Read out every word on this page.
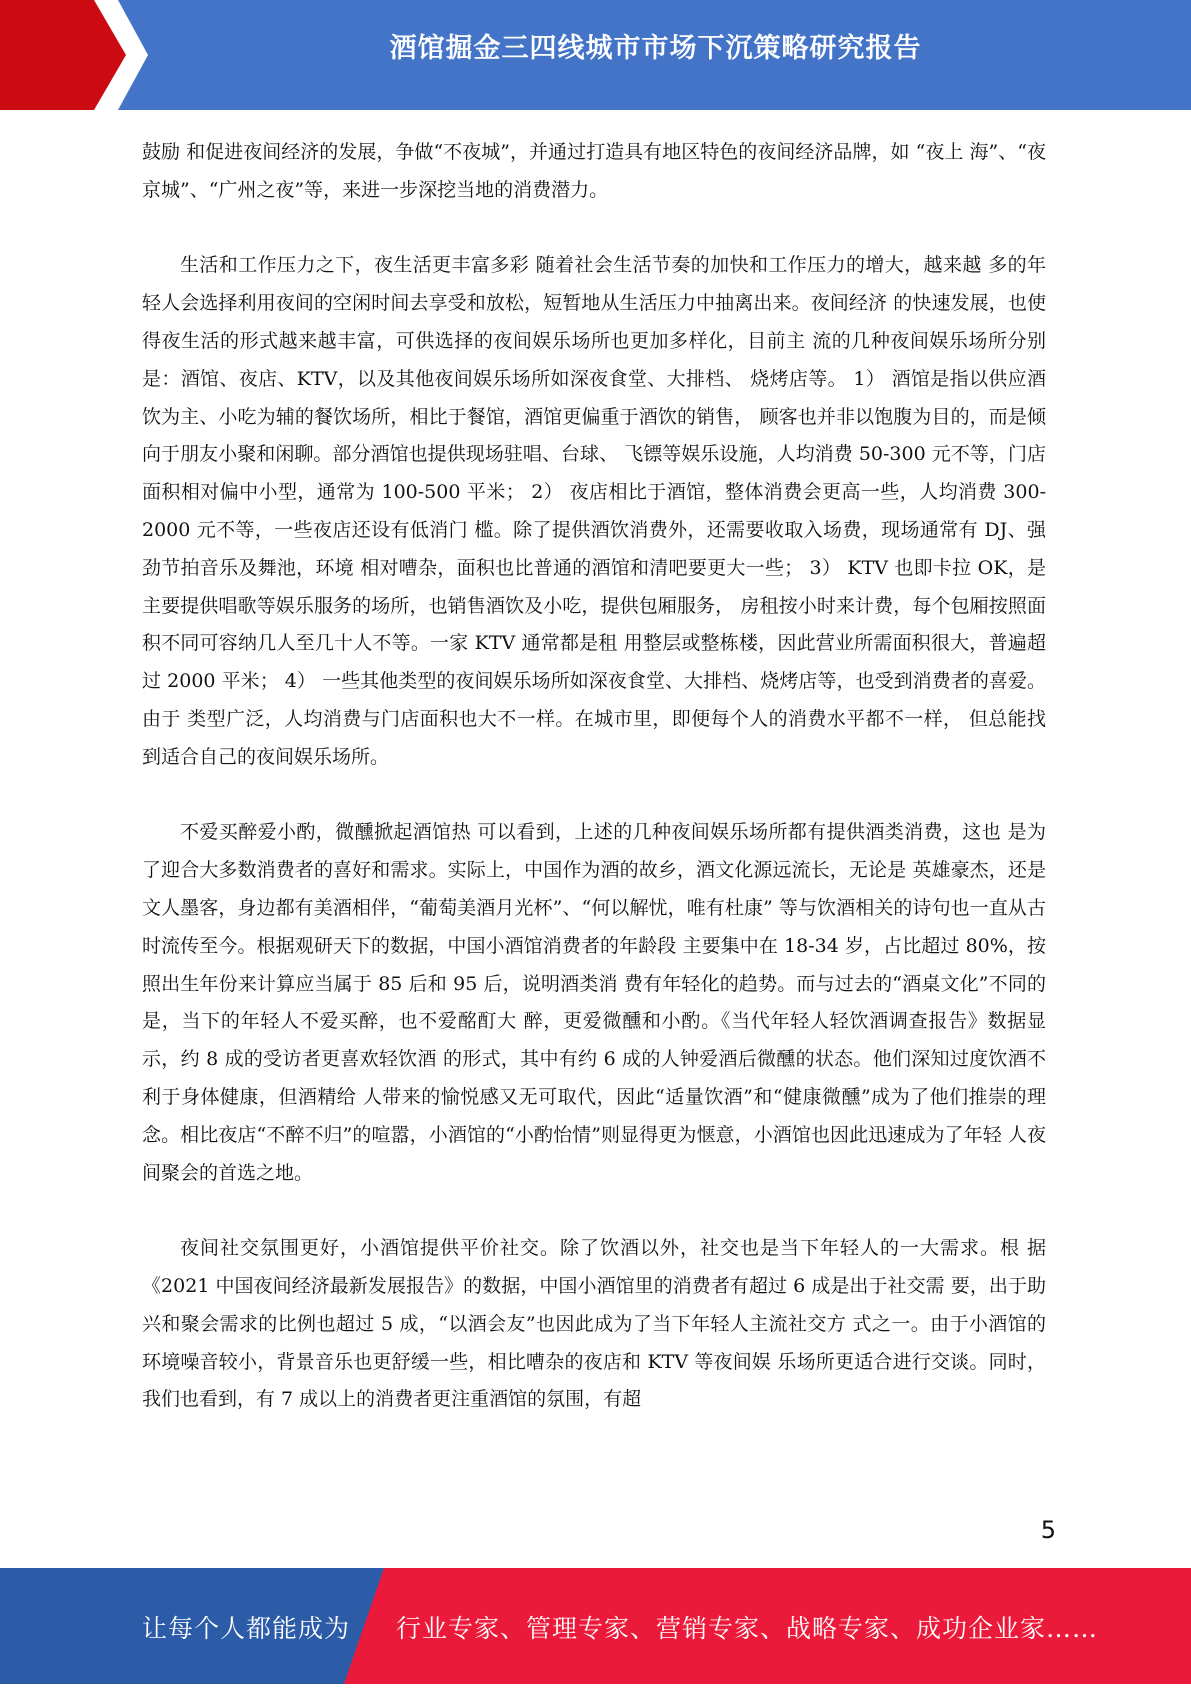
酒馆掘金三四线城市市场下沉策略研究报告

鼓励 和促进夜间经济的发展，争做“不夜城”，并通过打造具有地区特色的夜间经济品牌，如 “夜上 海”、“夜京城”、“广州之夜”等，来进一步深挖当地的消费潜力。

生活和工作压力之下，夜生活更丰富多彩 随着社会生活节奏的加快和工作压力的增大，越来越 多的年轻人会选择利用夜间的空闲时间去享受和放松，短暂地从生活压力中抽离出来。夜间经济 的快速发展，也使得夜生活的形式越来越丰富，可供选择的夜间娱乐场所也更加多样化，目前主 流的几种夜间娱乐场所分别是：酒馆、夜店、KTV，以及其他夜间娱乐场所如深夜食堂、大排档、 烧烤店等。 1） 酒馆是指以供应酒饮为主、小吃为辅的餐饮场所，相比于餐馆，酒馆更偏重于酒饮的销售， 顾客也并非以饱腹为目的，而是倾向于朋友小聚和闲聊。部分酒馆也提供现场驻唱、台球、 飞镖等娱乐设施，人均消费 50-300 元不等，门店面积相对偏中小型，通常为 100-500 平米； 2） 夜店相比于酒馆，整体消费会更高一些，人均消费 300-2000 元不等，一些夜店还设有低消门 槛。除了提供酒饮消费外，还需要收取入场费，现场通常有 DJ、强劲节拍音乐及舞池，环境 相对嘈杂，面积也比普通的酒馆和清吧要更大一些； 3） KTV 也即卡拉 OK，是主要提供唱歌等娱乐服务的场所，也销售酒饮及小吃，提供包厢服务， 房租按小时来计费，每个包厢按照面积不同可容纳几人至几十人不等。一家 KTV 通常都是租 用整层或整栋楼，因此营业所需面积很大，普遍超过 2000 平米； 4） 一些其他类型的夜间娱乐场所如深夜食堂、大排档、烧烤店等，也受到消费者的喜爱。由于 类型广泛，人均消费与门店面积也大不一样。在城市里，即便每个人的消费水平都不一样， 但总能找到适合自己的夜间娱乐场所。

不爱买醉爱小酌，微醺掀起酒馆热 可以看到，上述的几种夜间娱乐场所都有提供酒类消费，这也 是为了迎合大多数消费者的喜好和需求。实际上，中国作为酒的故乡，酒文化源远流长，无论是 英雄豪杰，还是文人墨客，身边都有美酒相伴，“葡萄美酒月光杯”、“何以解忧，唯有杜康” 等与饮酒相关的诗句也一直从古时流传至今。根据观研天下的数据，中国小酒馆消费者的年龄段 主要集中在 18-34 岁，占比超过 80%，按照出生年份来计算应当属于 85 后和 95 后，说明酒类消 费有年轻化的趋势。而与过去的“酒桌文化”不同的是，当下的年轻人不爱买醉，也不爱酩酊大 醉，更爱微醺和小酌。《当代年轻人轻饮酒调查报告》数据显示，约 8 成的受访者更喜欢轻饮酒 的形式，其中有约 6 成的人钟爱酒后微醺的状态。他们深知过度饮酒不利于身体健康，但酒精给 人带来的愉悦感又无可取代，因此“适量饮酒”和“健康微醺”成为了他们推崇的理念。相比夜店“不醉不归”的喧嚣，小酒馆的“小酌怡情”则显得更为惬意，小酒馆也因此迅速成为了年轻 人夜间聚会的首选之地。

夜间社交氛围更好，小酒馆提供平价社交。除了饮酒以外，社交也是当下年轻人的一大需求。根 据《2021 中国夜间经济最新发展报告》的数据，中国小酒馆里的消费者有超过 6 成是出于社交需 要，出于助兴和聚会需求的比例也超过 5 成，“以酒会友”也因此成为了当下年轻人主流社交方 式之一。由于小酒馆的环境噪音较小，背景音乐也更舒缓一些，相比嘈杂的夜店和 KTV 等夜间娱 乐场所更适合进行交谈。同时，我们也看到，有 7 成以上的消费者更注重酒馆的氛围，有超

5
让每个人都能成为 行业专家、管理专家、营销专家、战略专家、成功企业家……
